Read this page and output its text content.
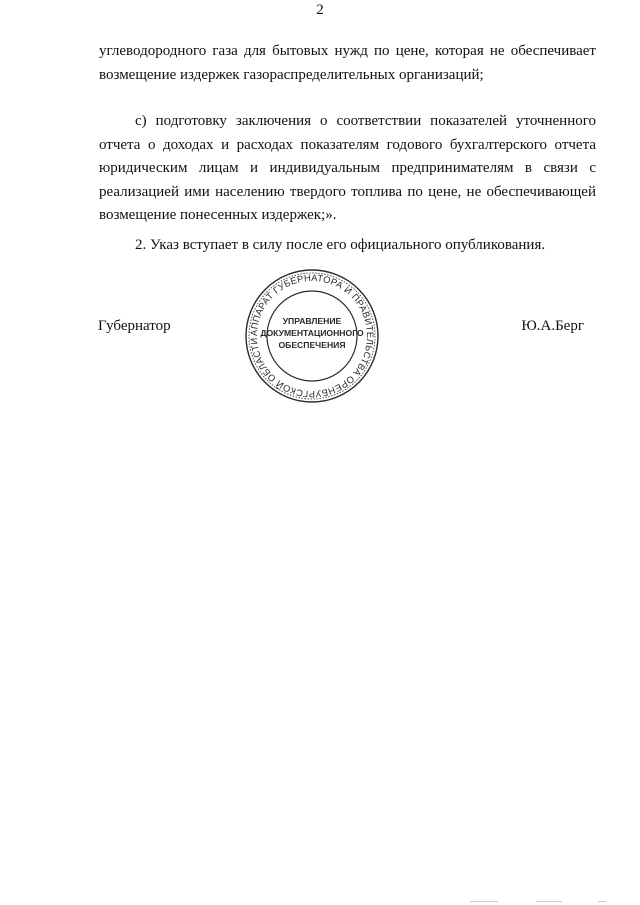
2

углеводородного газа для бытовых нужд по цене, которая не обеспечивает возмещение издержек газораспределительных организаций;

с) подготовку заключения о соответствии показателей уточненного отчета о доходах и расходах показателям годового бухгалтерского отчета юридическим лицам и индивидуальным предпринимателям в связи с реализацией ими населению твердого топлива по цене, не обеспечивающей возмещение понесенных издержек;».

2. Указ вступает в силу после его официального опубликования.

Губернатор	АППАРАТ ГУБЕРНАТОРА И ПРАВИТЕЛЬСТВА ОРЕНБУРГСКОЙ ОБЛАСТИ
УПРАВЛЕНИЕ
ДОКУМЕНТАЦИОННОГО
ОБЕСПЕЧЕНИЯ
Ю.А.Берг
